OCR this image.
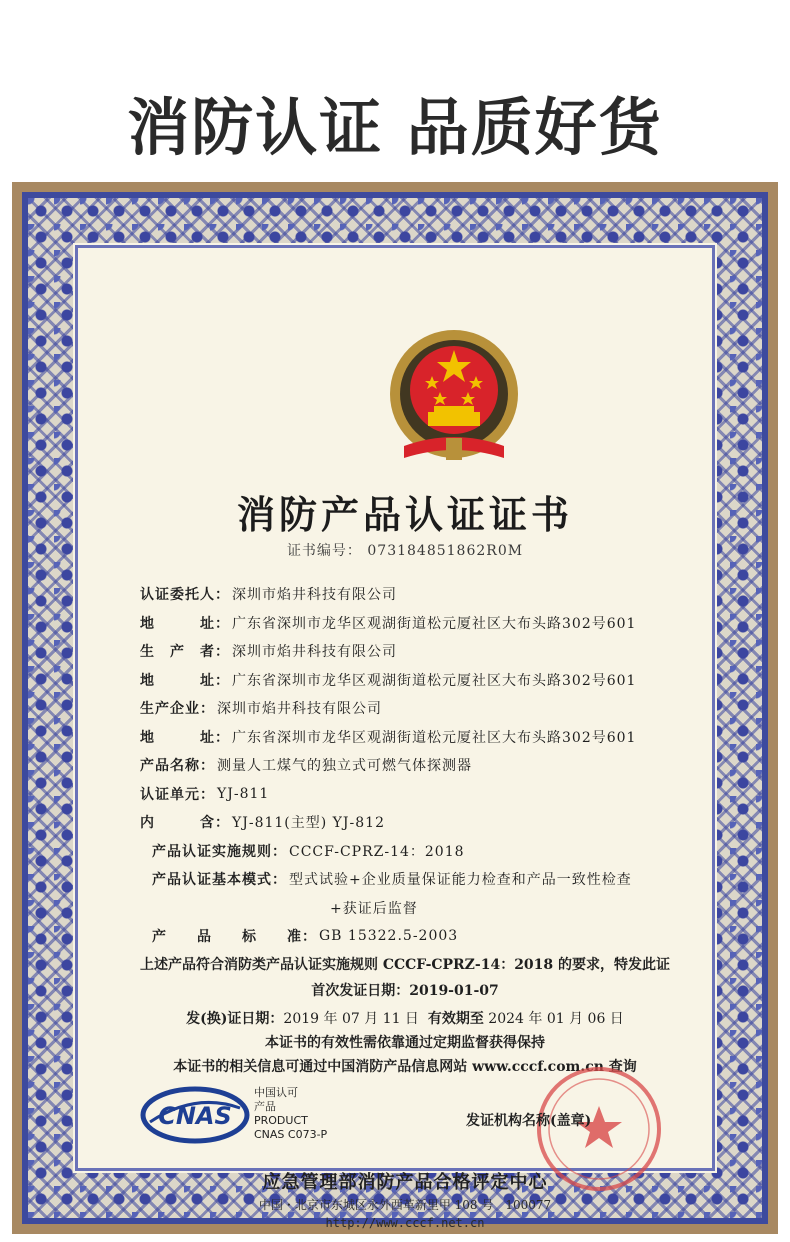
消防认证 品质好货
消防产品认证证书
证书编号： 073184851862R0M
认证委托人： 深圳市焰井科技有限公司
地　　　址： 广东省深圳市龙华区观湖街道松元厦社区大布头路302号601
生　产　者： 深圳市焰井科技有限公司
地　　　址： 广东省深圳市龙华区观湖街道松元厦社区大布头路302号601
生产企业： 深圳市焰井科技有限公司
地　　　址： 广东省深圳市龙华区观湖街道松元厦社区大布头路302号601
产品名称： 测量人工煤气的独立式可燃气体探测器
认证单元： YJ-811
内　　　含： YJ-811(主型) YJ-812
产品认证实施规则： CCCF-CPRZ-14：2018
产品认证基本模式： 型式试验+企业质量保证能力检查和产品一致性检查
+获证后监督
产　　品　　标　　准： GB 15322.5-2003
上述产品符合消防类产品认证实施规则 CCCF-CPRZ-14：2018 的要求，特发此证
首次发证日期：2019-01-07
发(换)证日期：2019 年 07 月 11 日 有效期至 2024 年 01 月 06 日
本证书的有效性需依靠通过定期监督获得保持
本证书的相关信息可通过中国消防产品信息网站 www.cccf.com.cn 查询
CNAS
中国认可
产品
PRODUCT
CNAS C073-P
发证机构名称(盖章)
应急管理部消防产品合格评定中心
中国・北京市东城区永外西革新里甲 108 号　100077
http://www.cccf.net.cn
